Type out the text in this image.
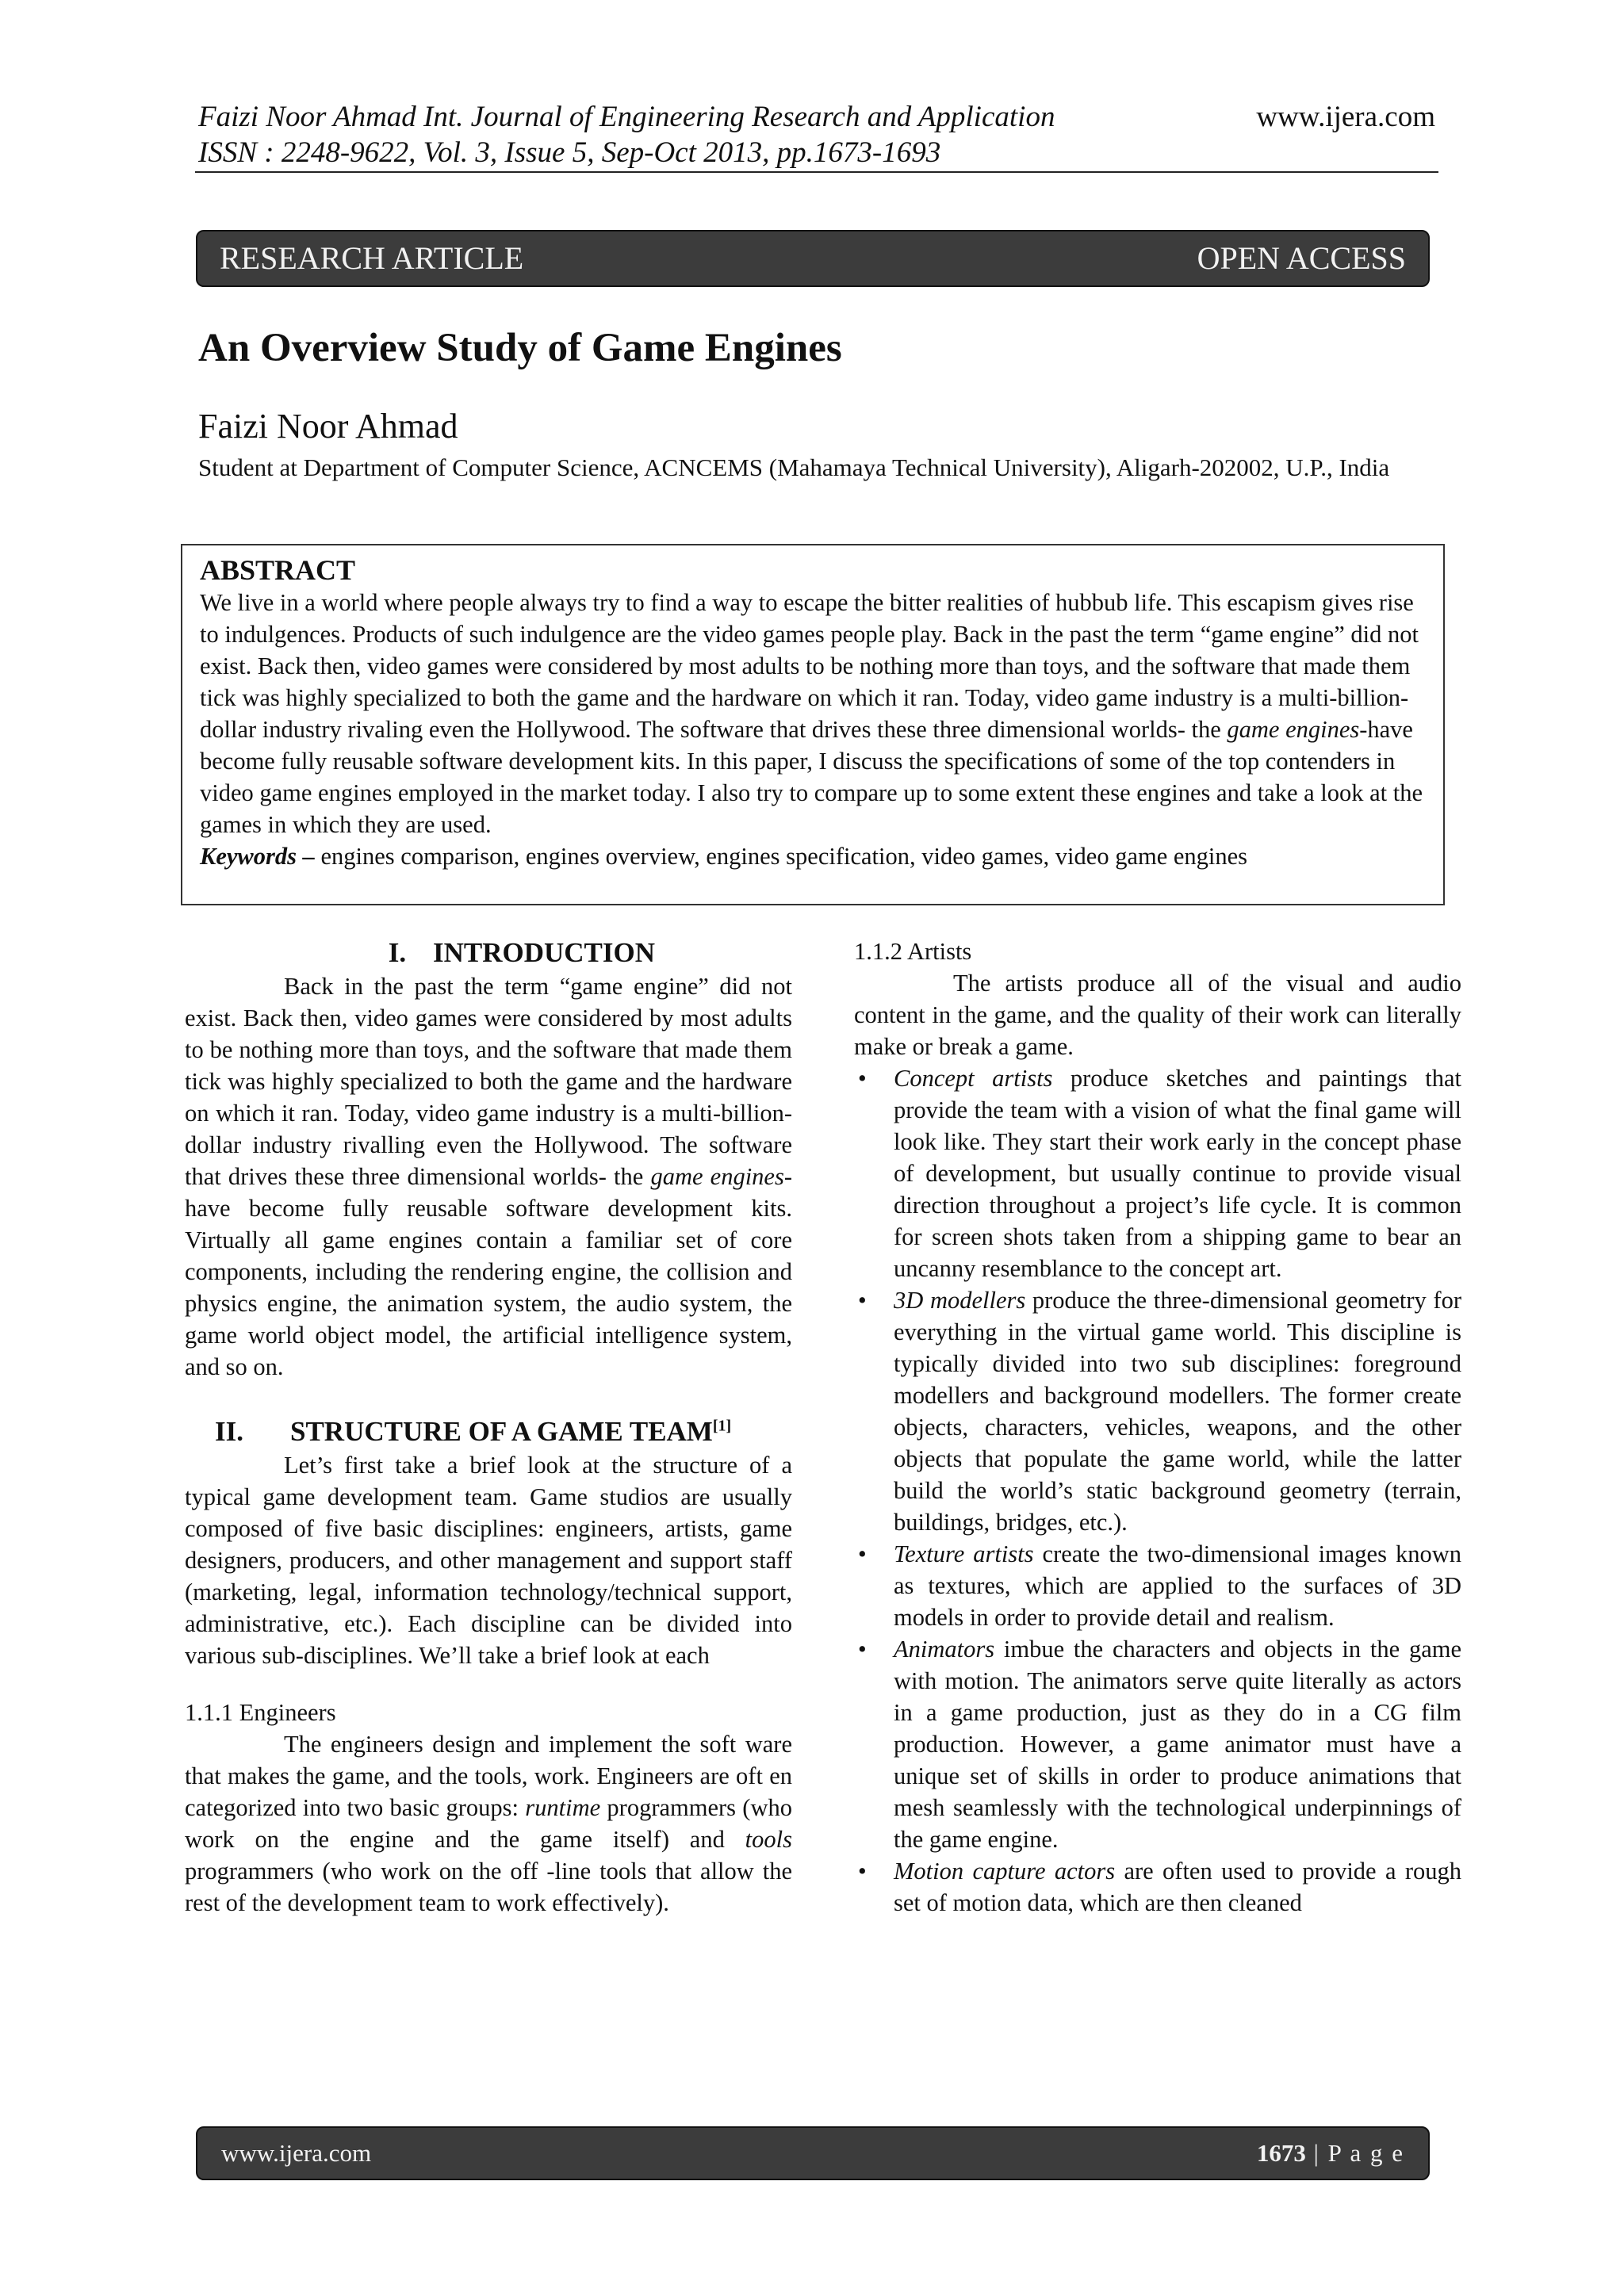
Faizi Noor Ahmad Int. Journal of Engineering Research and Application
ISSN : 2248-9622, Vol. 3, Issue 5, Sep-Oct 2013, pp.1673-1693
www.ijera.com
RESEARCH ARTICLE	OPEN ACCESS
An Overview Study of Game Engines
Faizi Noor Ahmad
Student at Department of Computer Science, ACNCEMS (Mahamaya Technical University), Aligarh-202002, U.P., India
ABSTRACT

We live in a world where people always try to find a way to escape the bitter realities of hubbub life. This escapism gives rise to indulgences. Products of such indulgence are the video games people play. Back in the past the term “game engine” did not exist. Back then, video games were considered by most adults to be nothing more than toys, and the software that made them tick was highly specialized to both the game and the hardware on which it ran. Today, video game industry is a multi-billion-dollar industry rivaling even the Hollywood. The software that drives these three dimensional worlds- the game engines-have become fully reusable software development kits. In this paper, I discuss the specifications of some of the top contenders in video game engines employed in the market today. I also try to compare up to some extent these engines and take a look at the games in which they are used.

Keywords – engines comparison, engines overview, engines specification, video games, video game engines

I. INTRODUCTION

Back in the past the term “game engine” did not exist. Back then, video games were considered by most adults to be nothing more than toys, and the software that made them tick was highly specialized to both the game and the hardware on which it ran. Today, video game industry is a multi-billion-dollar industry rivalling even the Hollywood. The software that drives these three dimensional worlds- the game engines-have become fully reusable software development kits. Virtually all game engines contain a familiar set of core components, including the rendering engine, the collision and physics engine, the animation system, the audio system, the game world object model, the artificial intelligence system, and so on.

II. STRUCTURE OF A GAME TEAM[1]

Let’s first take a brief look at the structure of a typical game development team. Game studios are usually composed of five basic disciplines: engineers, artists, game designers, producers, and other management and support staff (marketing, legal, information technology/technical support, administrative, etc.). Each discipline can be divided into various sub-disciplines. We’ll take a brief look at each

1.1.1 Engineers

The engineers design and implement the soft ware that makes the game, and the tools, work. Engineers are oft en categorized into two basic groups: runtime programmers (who work on the engine and the game itself) and tools programmers (who work on the off -line tools that allow the rest of the development team to work effectively).

1.1.2 Artists

The artists produce all of the visual and audio content in the game, and the quality of their work can literally make or break a game.

• Concept artists produce sketches and paintings that provide the team with a vision of what the final game will look like. They start their work early in the concept phase of development, but usually continue to provide visual direction throughout a project’s life cycle. It is common for screen shots taken from a shipping game to bear an uncanny resemblance to the concept art.
• 3D modellers produce the three-dimensional geometry for everything in the virtual game world. This discipline is typically divided into two sub disciplines: foreground modellers and background modellers. The former create objects, characters, vehicles, weapons, and the other objects that populate the game world, while the latter build the world’s static background geometry (terrain, buildings, bridges, etc.).
• Texture artists create the two-dimensional images known as textures, which are applied to the surfaces of 3D models in order to provide detail and realism.
• Animators imbue the characters and objects in the game with motion. The animators serve quite literally as actors in a game production, just as they do in a CG film production. However, a game animator must have a unique set of skills in order to produce animations that mesh seamlessly with the technological underpinnings of the game engine.
• Motion capture actors are often used to provide a rough set of motion data, which are then cleaned
www.ijera.com	1673 | P a g e
